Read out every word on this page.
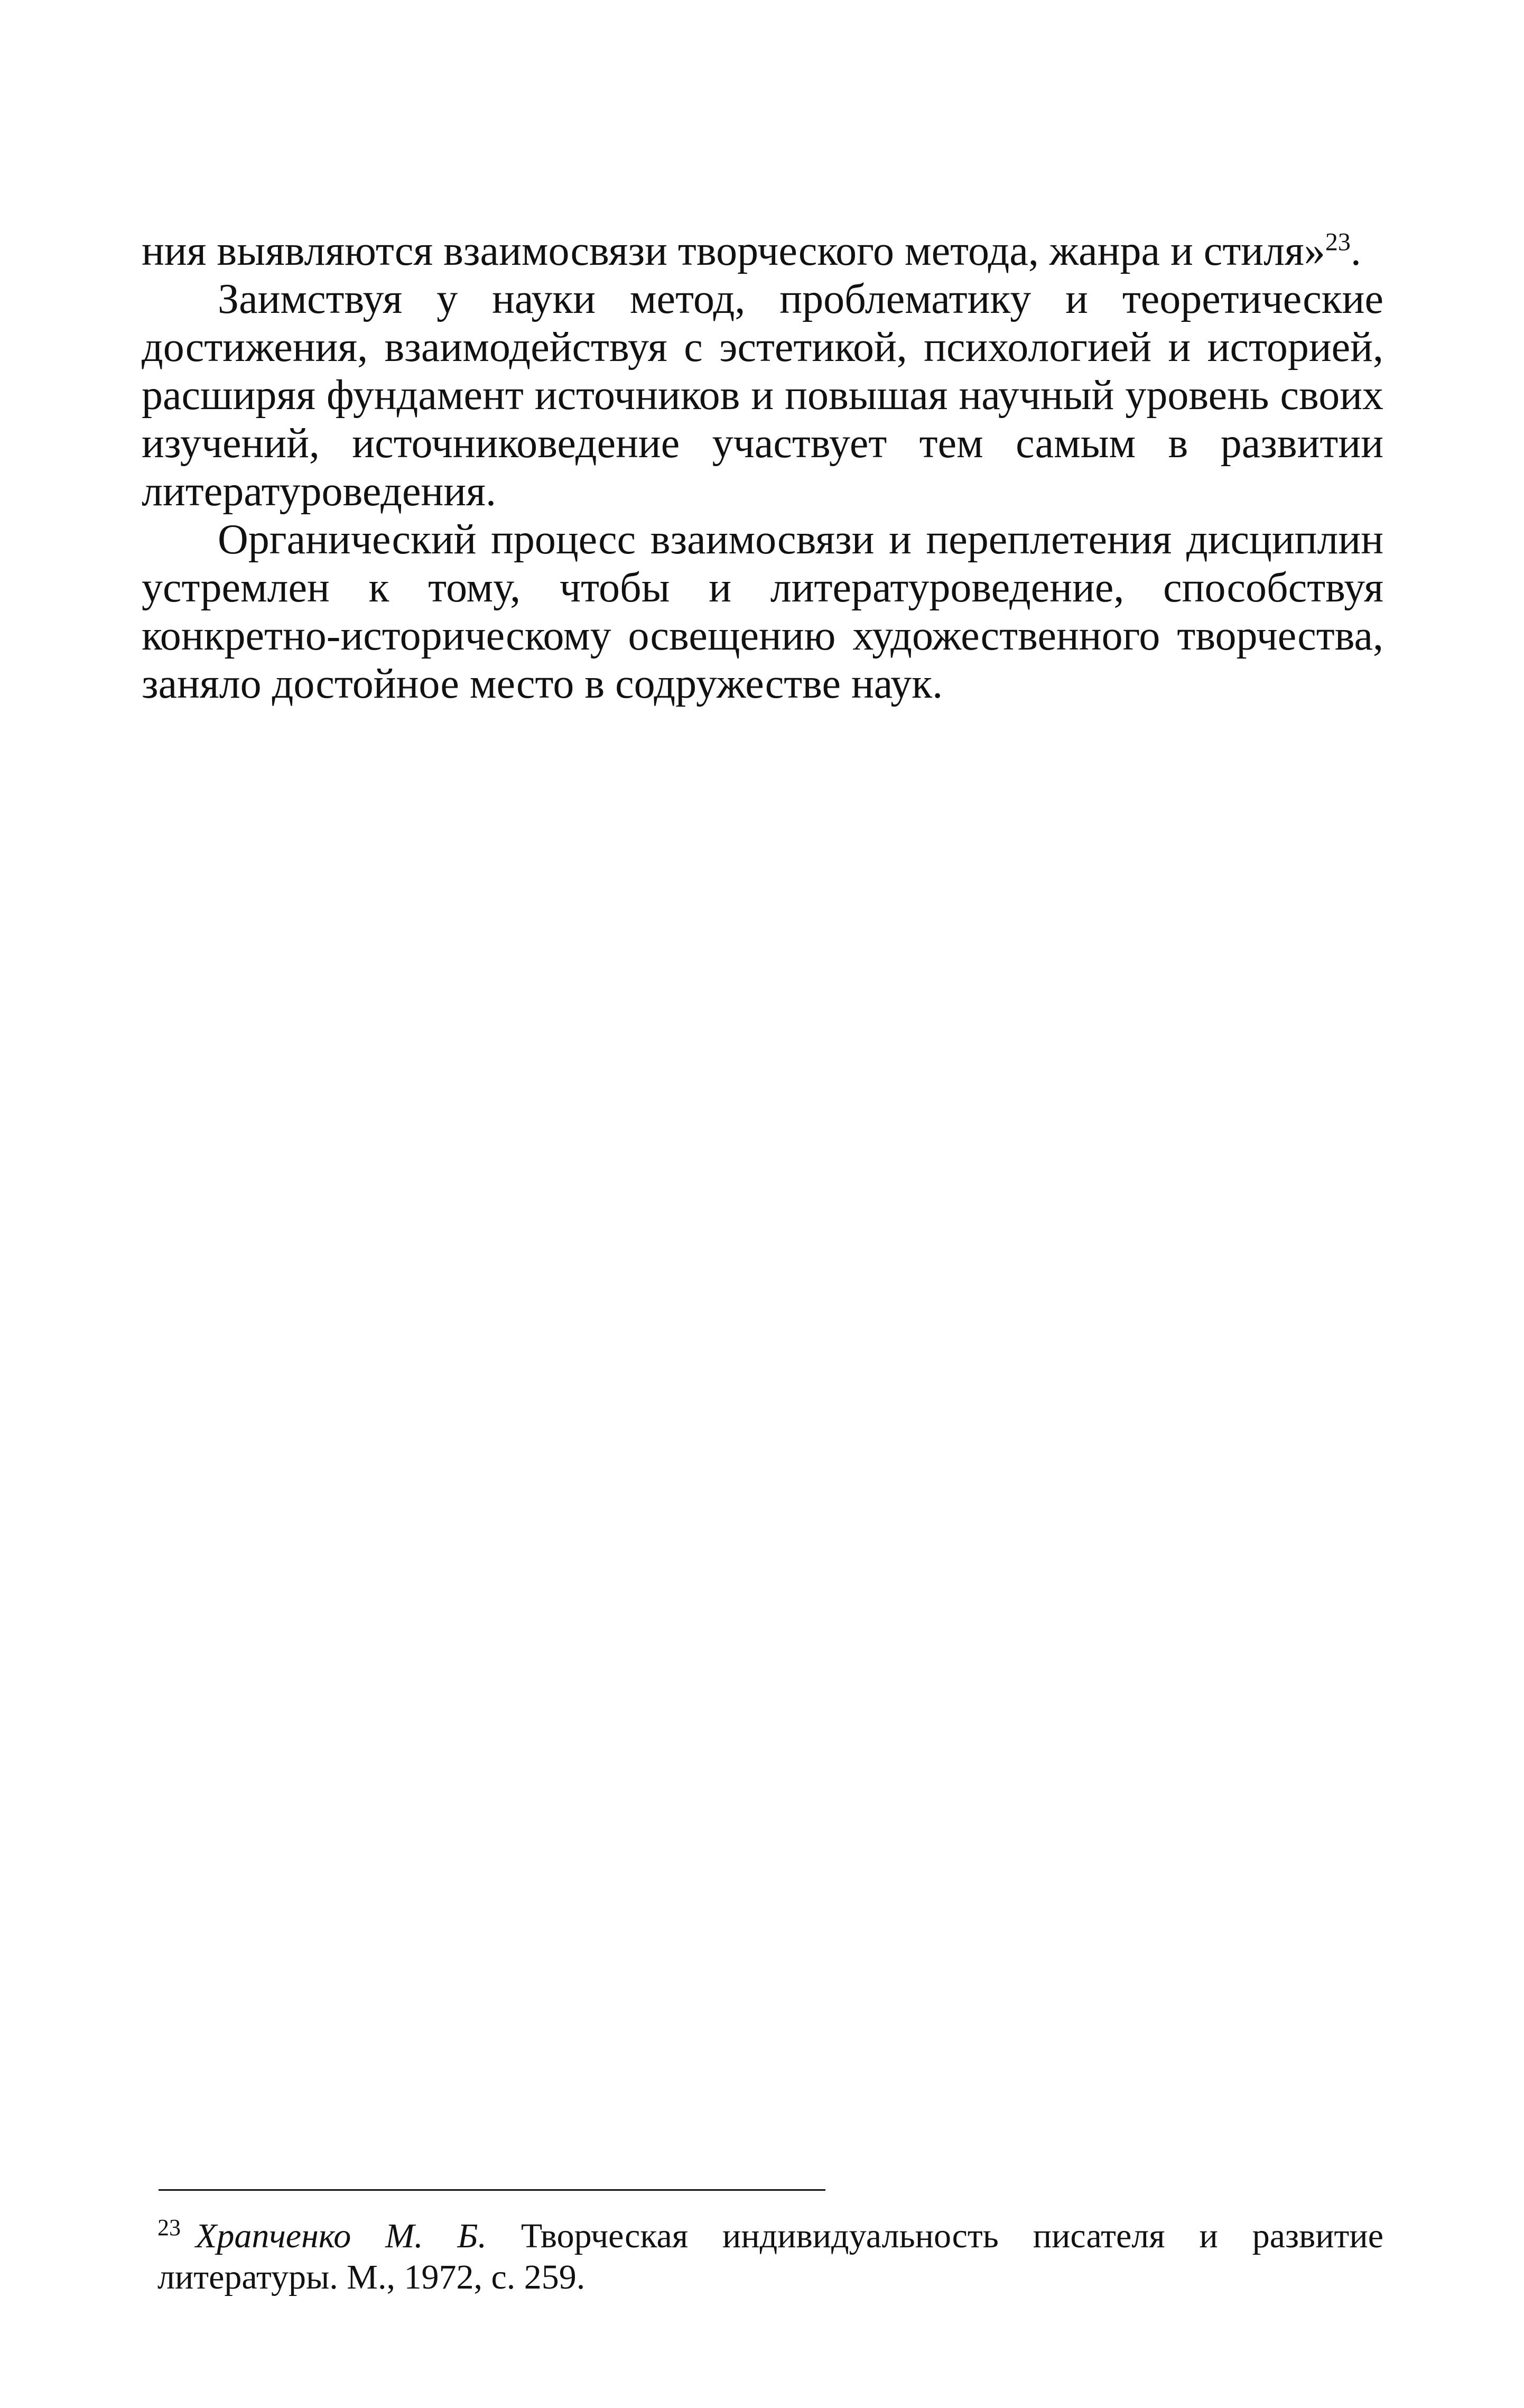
ния выявляются взаимосвязи творческого метода, жанра и стиля»$^{23}$.

Заимствуя у науки метод, проблематику и теоретические достижения, взаимодействуя с эстетикой, психологией и историей, расширяя фундамент источников и повышая научный уровень своих изучений, источниковедение участвует тем самым в развитии литературоведения.

Органический процесс взаимосвязи и переплетения дисциплин устремлен к тому, чтобы и литературоведение, способствуя конкретно-историческому освещению художественного творчества, заняло достойное место в содружестве наук.

$^{23}$ Храпченко М. Б. Творческая индивидуальность писателя и развитие литературы. М., 1972, с. 259.
